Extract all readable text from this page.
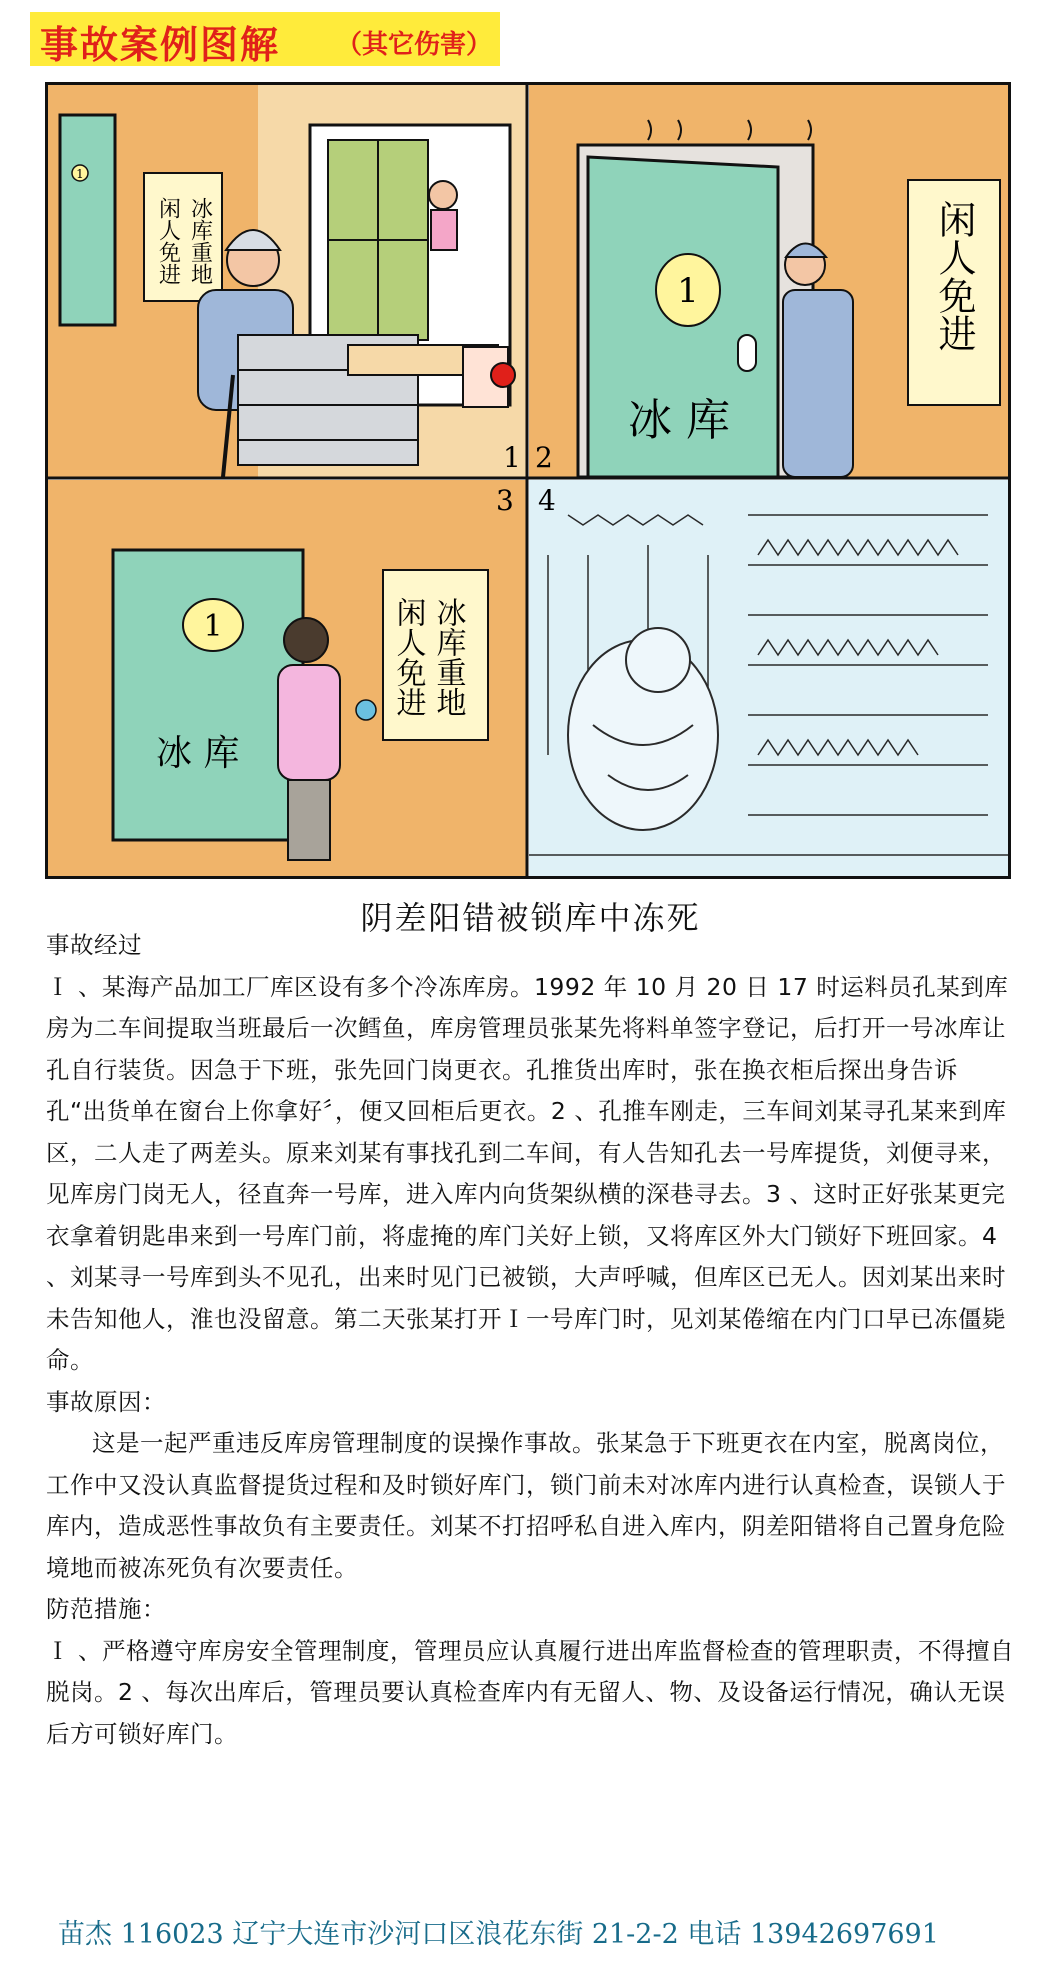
事故案例图解 （其它伤害）
1
冰库重地
闲人免进
1
1
冰 库
闲人免进
2
1
冰 库
冰库重地
闲人免进
3 4
阴差阳错被锁库中冻死

事故经过

Ｉ 、某海产品加工厂库区设有多个冷冻库房。1992 年 10 月 20 日 17 时运料员孔某到库房为二车间提取当班最后一次鳕鱼，库房管理员张某先将料单签字登记，后打开一号冰库让孔自行装货。因急于下班，张先回门岗更衣。孔推货出库时，张在换衣柜后探出身告诉孔“出货单在窗台上你拿好〞，便又回柜后更衣。2 、孔推车刚走，三车间刘某寻孔某来到库区，二人走了两差头。原来刘某有事找孔到二车间，有人告知孔去一号库提货，刘便寻来，见库房门岗无人，径直奔一号库，进入库内向货架纵横的深巷寻去。3 、这时正好张某更完衣拿着钥匙串来到一号库门前，将虚掩的库门关好上锁，又将库区外大门锁好下班回家。4 、刘某寻一号库到头不见孔，出来时见门已被锁，大声呼喊，但库区已无人。因刘某出来时未告知他人，淮也没留意。第二天张某打开Ｉ一号库门时，见刘某倦缩在内门口早已冻僵毙命。

事故原因：

这是一起严重违反库房管理制度的误操作事故。张某急于下班更衣在内室，脱离岗位，工作中又没认真监督提货过程和及时锁好库门，锁门前未对冰库内进行认真检查，误锁人于库内，造成恶性事故负有主要责任。刘某不打招呼私自进入库内，阴差阳错将自己置身危险境地而被冻死负有次要责任。

防范措施：

Ｉ 、严格遵守库房安全管理制度，管理员应认真履行进出库监督检查的管理职责，不得擅自脱岗。2 、每次出库后，管理员要认真检查库内有无留人、物、及设备运行情况，确认无误后方可锁好库门。

苗杰 116023 辽宁大连市沙河口区浪花东街 21-2-2 电话 13942697691
